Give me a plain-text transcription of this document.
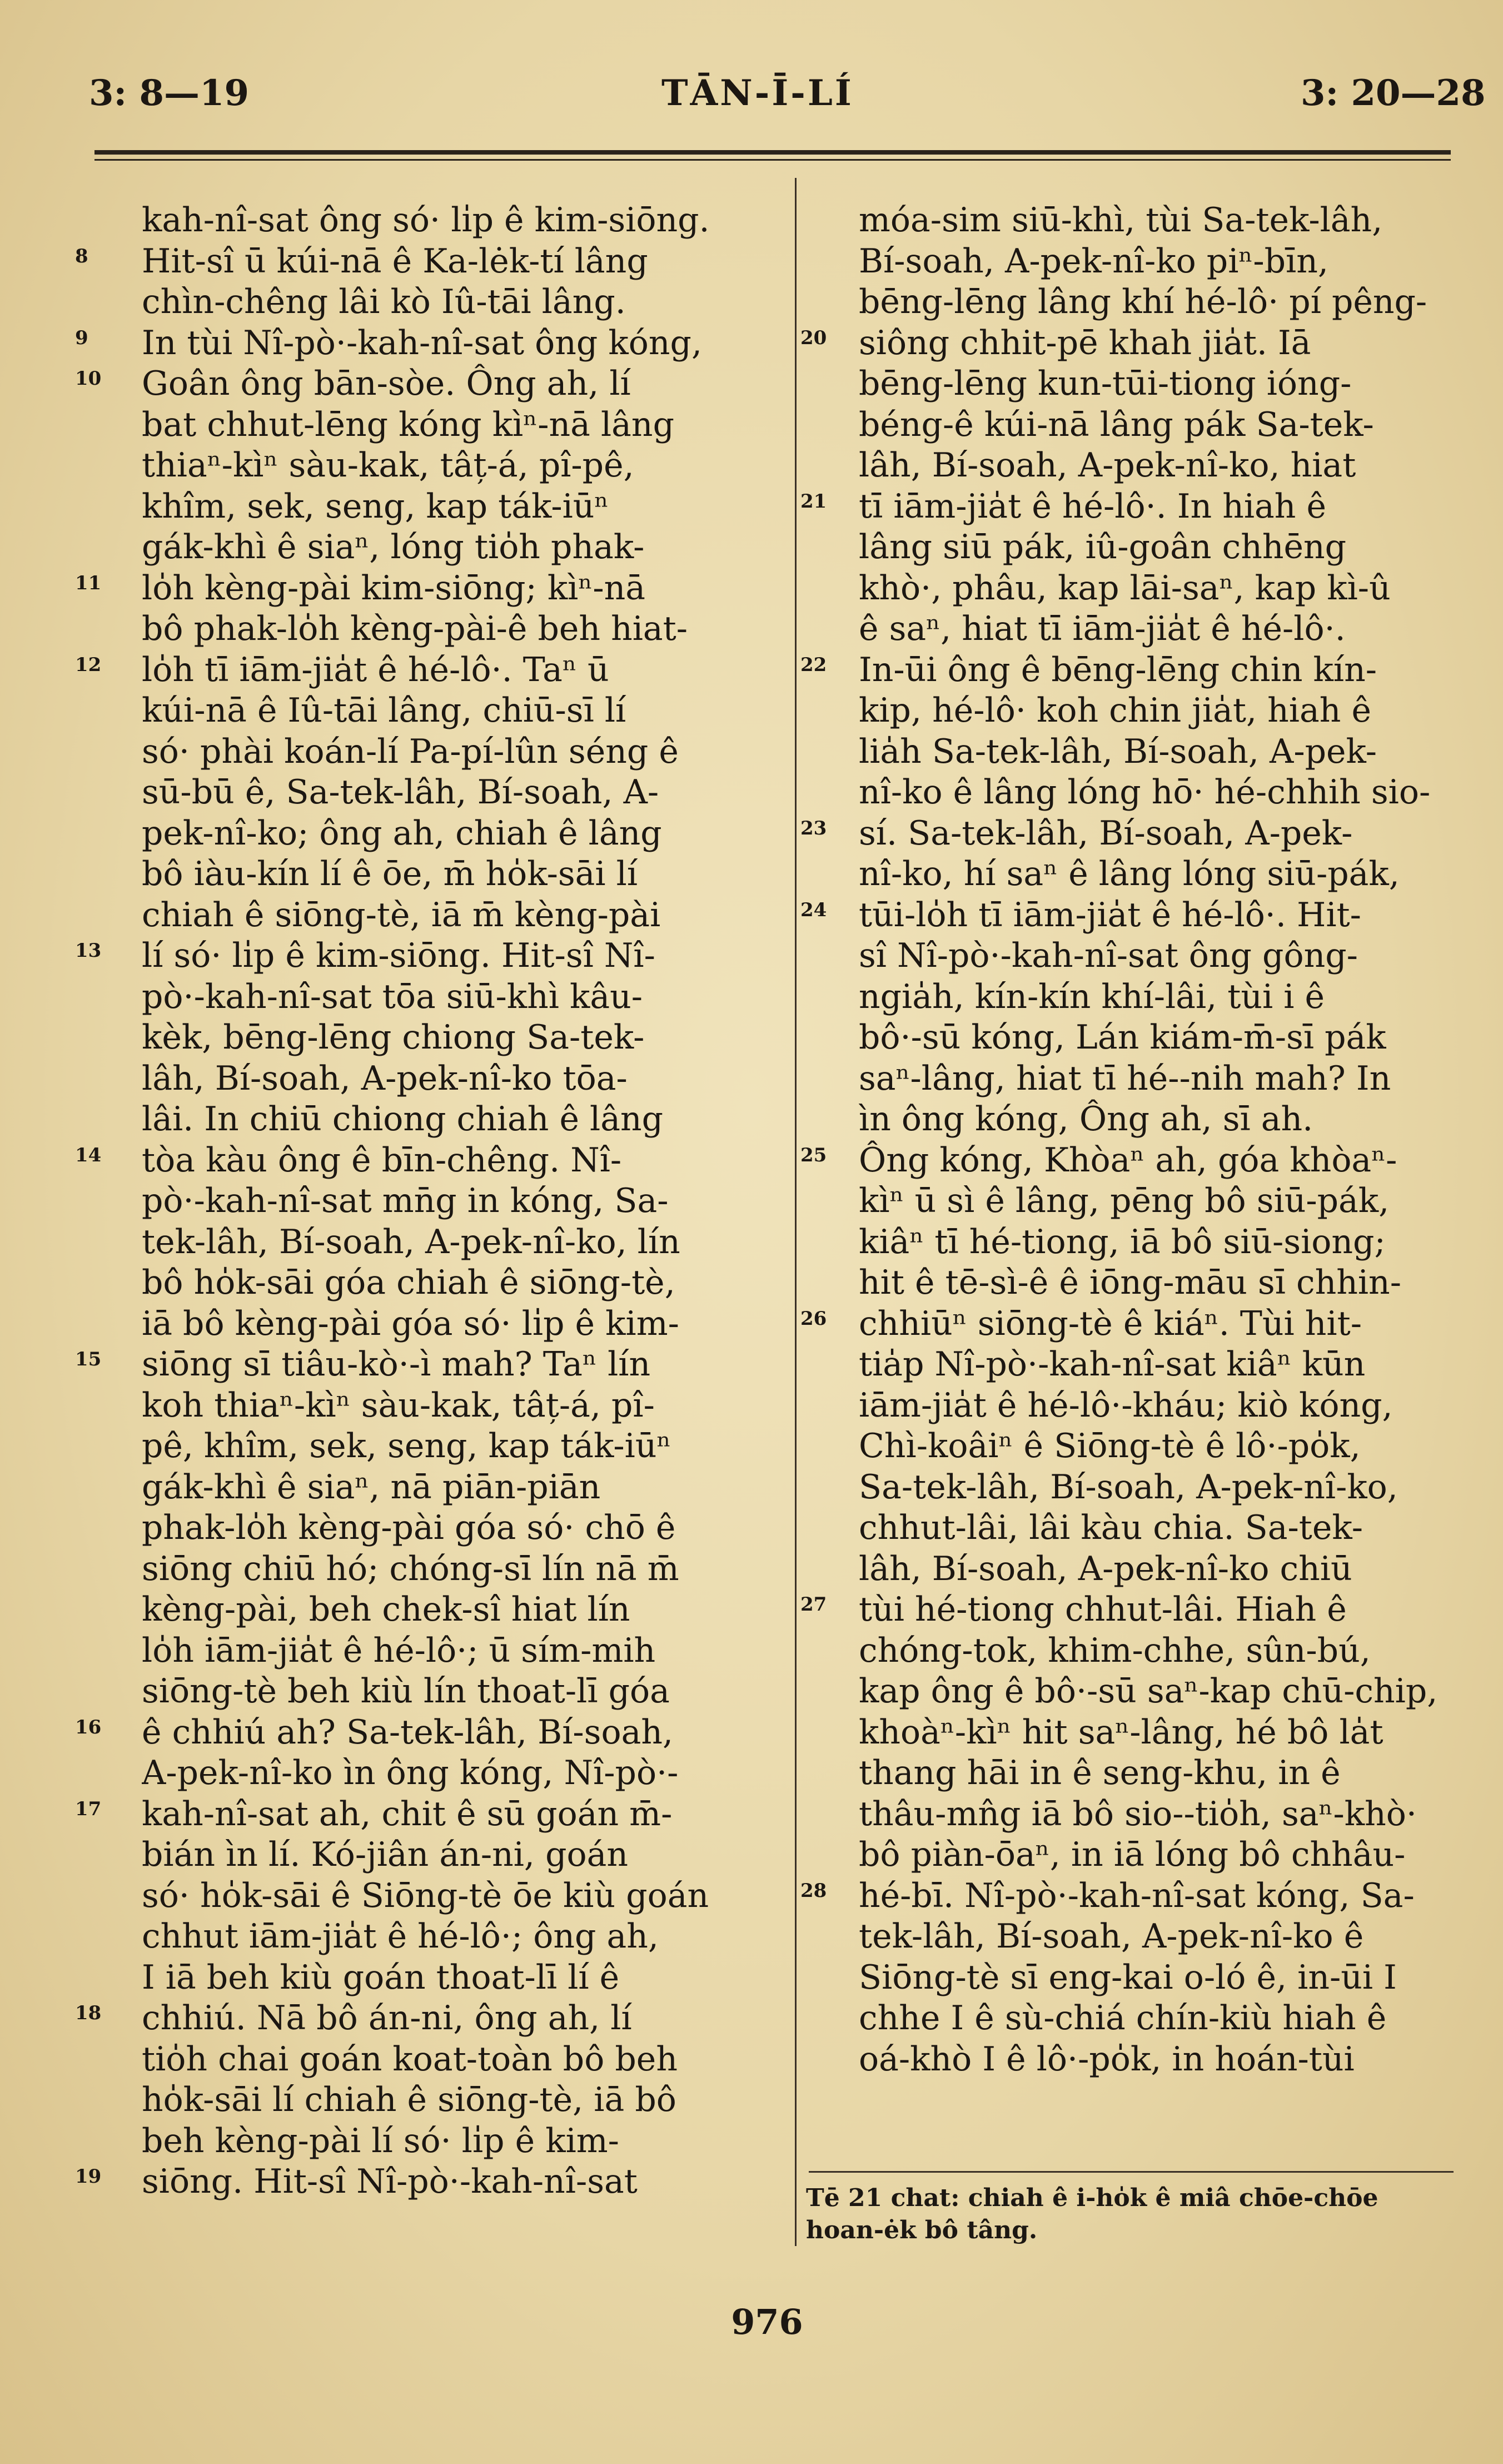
3: 8—19	TĀN-Ī-LÍ	3: 20—28
kah-nî-sat ông só· lı̍p ê kim-siōng.
Hit-sî ū kúi-nā ê Ka-lėk-tí lâng
chìn-chêng lâi kò Iû-tāi lâng.
In tùi Nî-pò·-kah-nî-sat ông kóng,
Goân ông bān-sòe. Ông ah, lí
bat chhut-lēng kóng kìⁿ-nā lâng
thiaⁿ-kìⁿ sàu-kak, tâț-á, pî-pê,
khîm, sek, seng, kap ták-iūⁿ
gák-khì ê siaⁿ, lóng tio̍h phak-
lo̍h kèng-pài kim-siōng; kìⁿ-nā
bô phak-lo̍h kèng-pài-ê beh hiat-
lo̍h tī iām-jia̍t ê hé-lô·. Taⁿ ū
kúi-nā ê Iû-tāi lâng, chiū-sī lí
só· phài koán-lí Pa-pí-lûn séng ê
sū-bū ê, Sa-tek-lâh, Bí-soah, A-
pek-nî-ko; ông ah, chiah ê lâng
bô iàu-kín lí ê ōe, m̄ ho̍k-sāi lí
chiah ê siōng-tè, iā m̄ kèng-pài
lí só· lı̍p ê kim-siōng. Hit-sî Nî-
pò·-kah-nî-sat tōa siū-khì kâu-
kèk, bēng-lēng chiong Sa-tek-
lâh, Bí-soah, A-pek-nî-ko tōa-
lâi. In chiū chiong chiah ê lâng
tòa kàu ông ê bīn-chêng. Nî-
pò·-kah-nî-sat mn̄g in kóng, Sa-
tek-lâh, Bí-soah, A-pek-nî-ko, lín
bô ho̍k-sāi góa chiah ê siōng-tè,
iā bô kèng-pài góa só· lı̍p ê kim-
siōng sī tiâu-kò·-ì mah? Taⁿ lín
koh thiaⁿ-kìⁿ sàu-kak, tâț-á, pî-
pê, khîm, sek, seng, kap ták-iūⁿ
gák-khì ê siaⁿ, nā piān-piān
phak-lo̍h kèng-pài góa só· chō ê
siōng chiū hó; chóng-sī lín nā m̄
kèng-pài, beh chek-sî hiat lín
lo̍h iām-jia̍t ê hé-lô·; ū sím-mih
siōng-tè beh kiù lín thoat-lī góa
ê chhiú ah? Sa-tek-lâh, Bí-soah,
A-pek-nî-ko ìn ông kóng, Nî-pò·-
kah-nî-sat ah, chit ê sū goán m̄-
bián ìn lí. Kó-jiân án-ni, goán
só· ho̍k-sāi ê Siōng-tè ōe kiù goán
chhut iām-jia̍t ê hé-lô·; ông ah,
I iā beh kiù goán thoat-lī lí ê
chhiú. Nā bô án-ni, ông ah, lí
tio̍h chai goán koat-toàn bô beh
ho̍k-sāi lí chiah ê siōng-tè, iā bô
beh kèng-pài lí só· lı̍p ê kim-
siōng. Hit-sî Nî-pò·-kah-nî-sat
móa-sim siū-khì, tùi Sa-tek-lâh,
Bí-soah, A-pek-nî-ko piⁿ-bīn,
bēng-lēng lâng khí hé-lô· pí pêng-
siông chhit-pē khah jia̍t. Iā
bēng-lēng kun-tūi-tiong ióng-
béng-ê kúi-nā lâng pák Sa-tek-
lâh, Bí-soah, A-pek-nî-ko, hiat
tī iām-jia̍t ê hé-lô·. In hiah ê
lâng siū pák, iû-goân chhēng
khò·, phâu, kap lāi-saⁿ, kap kì-û
ê saⁿ, hiat tī iām-jia̍t ê hé-lô·.
In-ūi ông ê bēng-lēng chin kín-
kip, hé-lô· koh chin jia̍t, hiah ê
lia̍h Sa-tek-lâh, Bí-soah, A-pek-
nî-ko ê lâng lóng hō· hé-chhih sio-
sí. Sa-tek-lâh, Bí-soah, A-pek-
nî-ko, hí saⁿ ê lâng lóng siū-pák,
tūi-lo̍h tī iām-jia̍t ê hé-lô·. Hit-
sî Nî-pò·-kah-nî-sat ông gông-
ngia̍h, kín-kín khí-lâi, tùi i ê
bô·-sū kóng, Lán kiám-m̄-sī pák
saⁿ-lâng, hiat tī hé--nih mah? In
ìn ông kóng, Ông ah, sī ah.
Ông kóng, Khòaⁿ ah, góa khòaⁿ-
kìⁿ ū sì ê lâng, pēng bô siū-pák,
kiâⁿ tī hé-tiong, iā bô siū-siong;
hit ê tē-sì-ê ê iōng-māu sī chhin-
chhiūⁿ siōng-tè ê kiáⁿ. Tùi hit-
tia̍p Nî-pò·-kah-nî-sat kiâⁿ kūn
iām-jia̍t ê hé-lô·-kháu; kiò kóng,
Chì-koâiⁿ ê Siōng-tè ê lô·-po̍k,
Sa-tek-lâh, Bí-soah, A-pek-nî-ko,
chhut-lâi, lâi kàu chia. Sa-tek-
lâh, Bí-soah, A-pek-nî-ko chiū
tùi hé-tiong chhut-lâi. Hiah ê
chóng-tok, khim-chhe, sûn-bú,
kap ông ê bô·-sū saⁿ-kap chū-chip,
khoàⁿ-kìⁿ hit saⁿ-lâng, hé bô la̍t
thang hāi in ê seng-khu, in ê
thâu-mn̂g iā bô sio--tio̍h, saⁿ-khò·
bô piàn-ōaⁿ, in iā lóng bô chhâu-
hé-bī. Nî-pò·-kah-nî-sat kóng, Sa-
tek-lâh, Bí-soah, A-pek-nî-ko ê
Siōng-tè sī eng-kai o-ló ê, in-ūi I
chhe I ê sù-chiá chín-kiù hiah ê
oá-khò I ê lô·-po̍k, in hoán-tùi
8
9
10
11
12
13
14
15
16
17
18
19
20
21
22
23
24
25
26
27
28
Tē 21 chat: chiah ê i-ho̍k ê miâ chōe-chōe hoan-ėk bô tâng.
976
